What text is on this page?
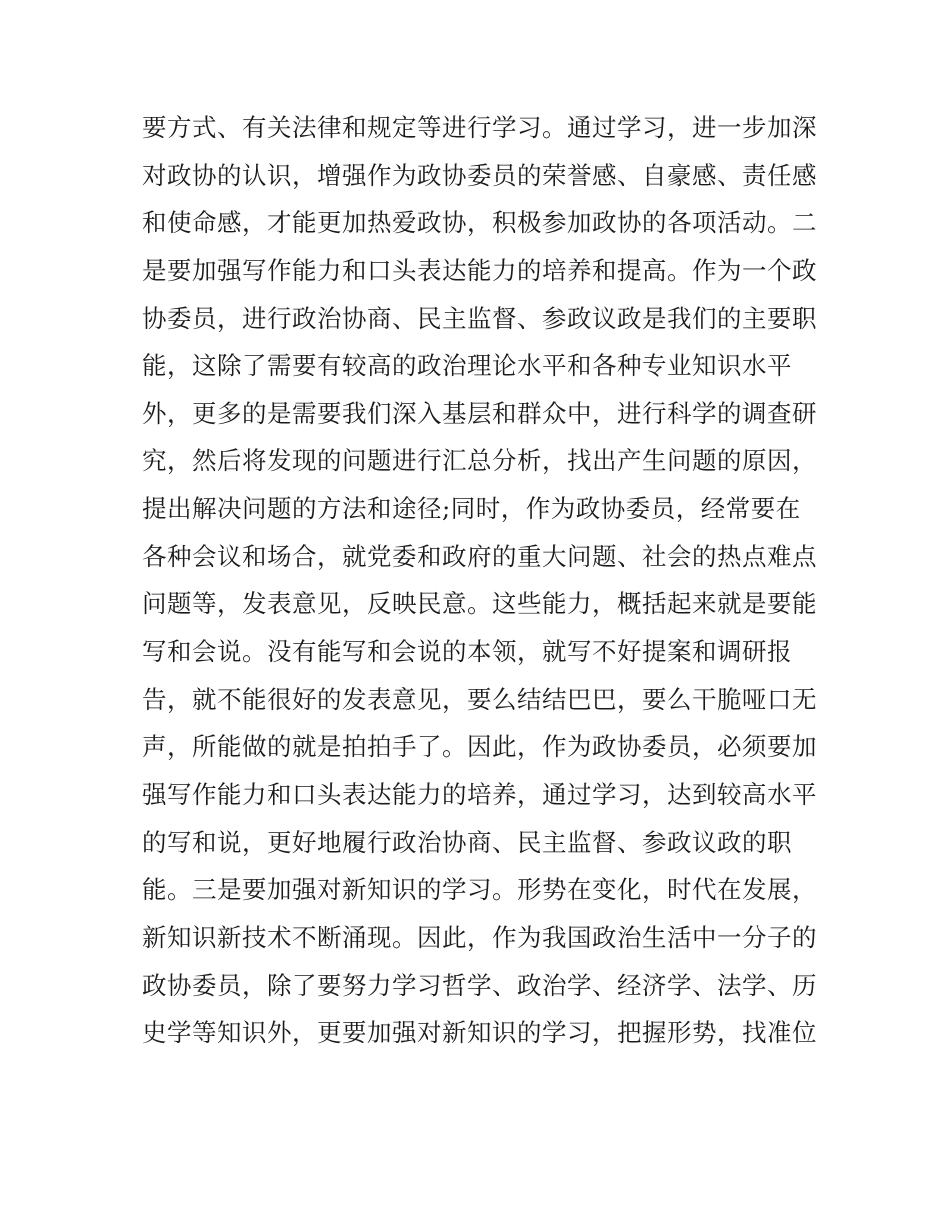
要方式、有关法律和规定等进行学习。通过学习，进一步加深
对政协的认识，增强作为政协委员的荣誉感、自豪感、责任感
和使命感，才能更加热爱政协，积极参加政协的各项活动。二
是要加强写作能力和口头表达能力的培养和提高。作为一个政
协委员，进行政治协商、民主监督、参政议政是我们的主要职
能，这除了需要有较高的政治理论水平和各种专业知识水平
外，更多的是需要我们深入基层和群众中，进行科学的调查研
究，然后将发现的问题进行汇总分析，找出产生问题的原因，
提出解决问题的方法和途径;同时，作为政协委员，经常要在
各种会议和场合，就党委和政府的重大问题、社会的热点难点
问题等，发表意见，反映民意。这些能力，概括起来就是要能
写和会说。没有能写和会说的本领，就写不好提案和调研报
告，就不能很好的发表意见，要么结结巴巴，要么干脆哑口无
声，所能做的就是拍拍手了。因此，作为政协委员，必须要加
强写作能力和口头表达能力的培养，通过学习，达到较高水平
的写和说，更好地履行政治协商、民主监督、参政议政的职
能。三是要加强对新知识的学习。形势在变化，时代在发展，
新知识新技术不断涌现。因此，作为我国政治生活中一分子的
政协委员，除了要努力学习哲学、政治学、经济学、法学、历
史学等知识外，更要加强对新知识的学习，把握形势，找准位
